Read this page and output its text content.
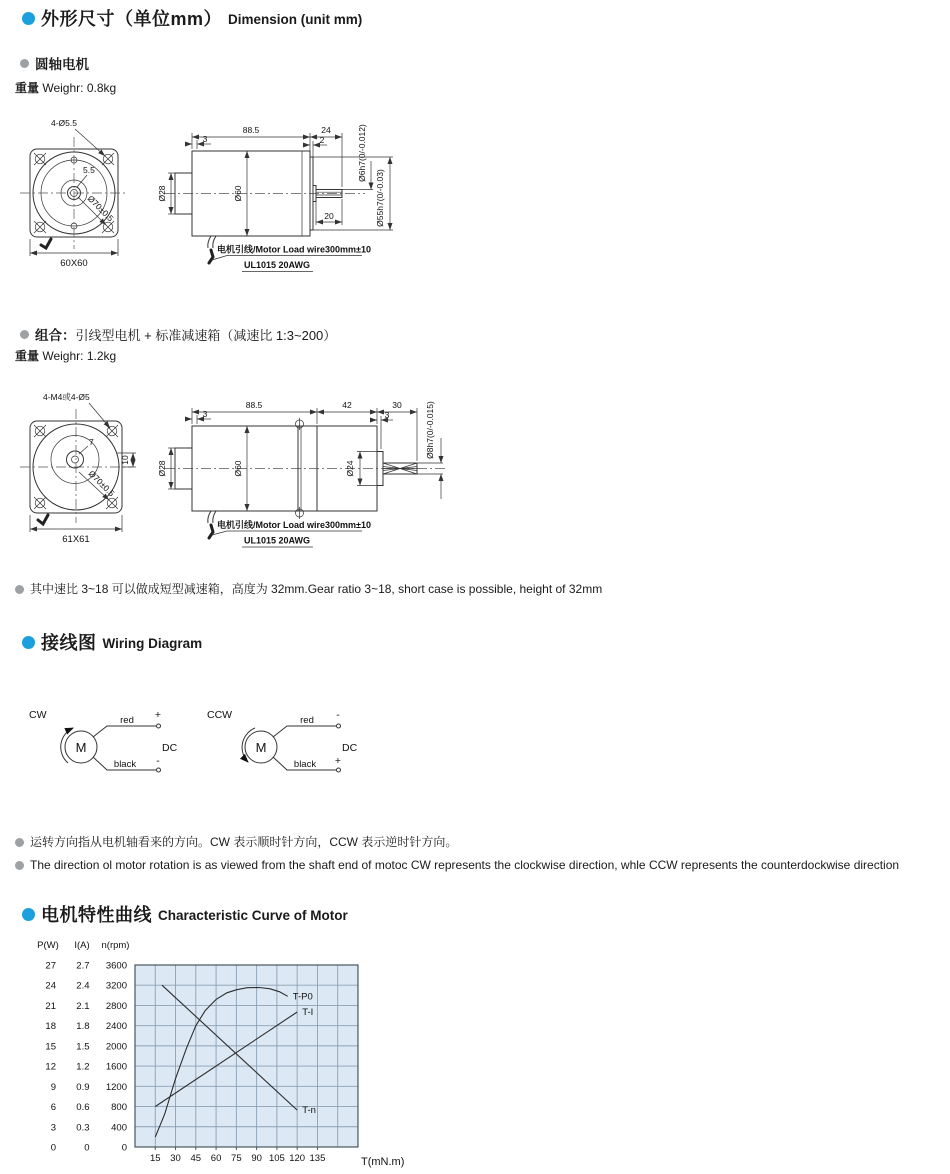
外形尺寸（单位mm） Dimension (unit mm)
圆轴电机
重量 Weighr: 0.8kg
4-Ø5.5
5.5
Ø70±0.5
60X60
88.5	24
3	2
Ø28	Ø60
20
Ø6h7(0/-0.012)
Ø55h7(0/-0.03)
电机引线/Motor Load wire300mm±10
UL1015 20AWG
组合： 引线型电机 + 标准减速箱（减速比 1:3~200）
重量 Weighr: 1.2kg
4-M4或4-Ø5
7
10
Ø70±0.5
61X61
88.5	42	30
3	3
Ø28	Ø60	Ø24
Ø8h7(0/-0.015)
电机引线/Motor Load wire300mm±10
UL1015 20AWG
其中速比 3~18 可以做成短型减速箱，高度为 32mm.Gear ratio 3~18, short case is possible, height of 32mm
接线图 Wiring Diagram
CW
M
red +
black -
DC
CCW
M
red -
black +
DC
运转方向指从电机轴看来的方向。CW 表示顺时针方向，CCW 表示逆时针方向。
The direction ol motor rotation is as viewed from the shaft end of motoc CW represents the clockwise direction, whle CCW represents the counterdockwise direction
电机特性曲线 Characteristic Curve of Motor
P(W)
27
24
21
18
15
12
9
6
3
0
I(A)
2.7
2.4
2.1
1.8
1.5
1.2
0.9
0.6
0.3
0
n(rpm)
3600
3200
2800
2400
2000
1600
1200
800
400
0
15 30 45 60 75 90 105 120 135	T(mN.m)
T-P0
T-I
T-n
